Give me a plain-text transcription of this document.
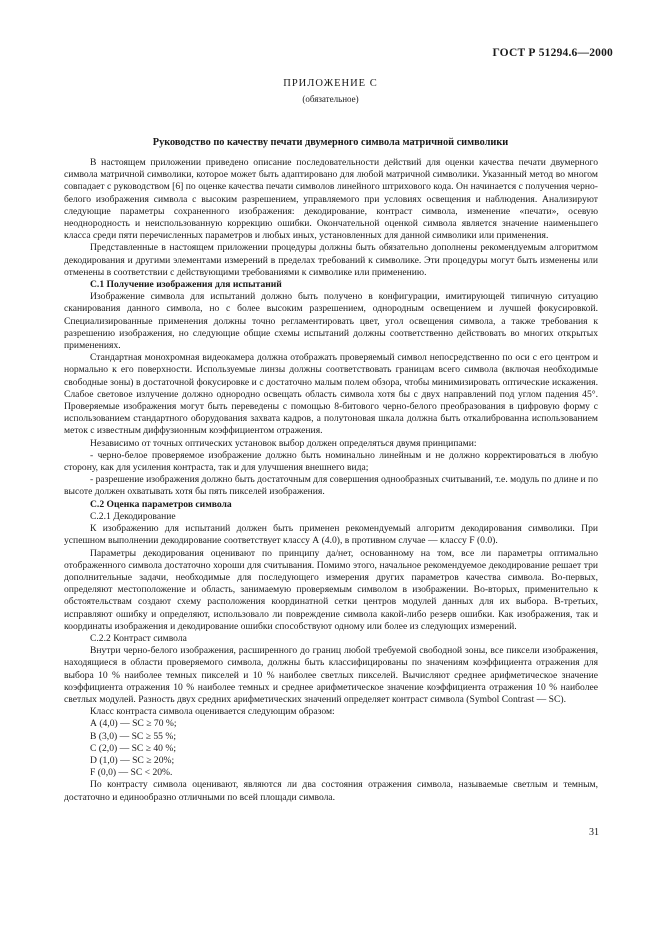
ГОСТ Р 51294.6—2000
ПРИЛОЖЕНИЕ С
(обязательное)
Руководство по качеству печати двумерного символа матричной символики

В настоящем приложении приведено описание последовательности действий для оценки качества печати двумерного символа матричной символики, которое может быть адаптировано для любой матричной символики. Указанный метод во многом совпадает с руководством [6] по оценке качества печати символов линейного штрихового кода. Он начинается с получения черно-белого изображения символа с высоким разрешением, управляемого при условиях освещения и наблюдения. Анализируют следующие параметры сохраненного изображения: декодирование, контраст символа, изменение «печати», осевую неоднородность и неиспользованную коррекцию ошибки. Окончательной оценкой символа является значение наименьшего класса среди пяти перечисленных параметров и любых иных, установленных для данной символики или применения.

Представленные в настоящем приложении процедуры должны быть обязательно дополнены рекомендуемым алгоритмом декодирования и другими элементами измерений в пределах требований к символике. Эти процедуры могут быть изменены или отменены в соответствии с действующими требованиями к символике или применению.

С.1 Получение изображения для испытаний

Изображение символа для испытаний должно быть получено в конфигурации, имитирующей типичную ситуацию сканирования данного символа, но с более высоким разрешением, однородным освещением и лучшей фокусировкой. Специализированные применения должны точно регламентировать цвет, угол освещения символа, а также требования к разрешению изображения, но следующие общие схемы испытаний должны соответственно действовать во многих открытых применениях.

Стандартная монохромная видеокамера должна отображать проверяемый символ непосредственно по оси с его центром и нормально к его поверхности. Используемые линзы должны соответствовать границам всего символа (включая необходимые свободные зоны) в достаточной фокусировке и с достаточно малым полем обзора, чтобы минимизировать оптические искажения. Слабое световое излучение должно однородно освещать область символа хотя бы с двух направлений под углом падения 45°. Проверяемые изображения могут быть переведены с помощью 8-битового черно-белого преобразования в цифровую форму с использованием стандартного оборудования захвата кадров, а полутоновая шкала должна быть откалиброванна использованием меток с известным диффузионным коэффициентом отражения.

Независимо от точных оптических установок выбор должен определяться двумя принципами:

- черно-белое проверяемое изображение должно быть номинально линейным и не должно корректироваться в любую сторону, как для усиления контраста, так и для улучшения внешнего вида;

- разрешение изображения должно быть достаточным для совершения однообразных считываний, т.е. модуль по длине и по высоте должен охватывать хотя бы пять пикселей изображения.

С.2 Оценка параметров символа

С.2.1 Декодирование

К изображению для испытаний должен быть применен рекомендуемый алгоритм декодирования символики. При успешном выполнении декодирование соответствует классу А (4.0), в противном случае — классу F (0.0).

Параметры декодирования оценивают по принципу да/нет, основанному на том, все ли параметры оптимально отображенного символа достаточно хороши для считывания. Помимо этого, начальное рекомендуемое декодирование решает три дополнительные задачи, необходимые для последующего измерения других параметров качества символа. Во-первых, определяют местоположение и область, занимаемую проверяемым символом в изображении. Во-вторых, применительно к обстоятельствам создают схему расположения координатной сетки центров модулей данных для их выбора. В-третьих, исправляют ошибку и определяют, использовало ли повреждение символа какой-либо резерв ошибки. Как изображения, так и координаты изображения и декодирование ошибки способствуют одному или более из следующих измерений.

С.2.2 Контраст символа

Внутри черно-белого изображения, расширенного до границ любой требуемой свободной зоны, все пиксели изображения, находящиеся в области проверяемого символа, должны быть классифицированы по значениям коэффициента отражения для выбора 10 % наиболее темных пикселей и 10 % наиболее светлых пикселей. Вычисляют среднее арифметическое значение коэффициента отражения 10 % наиболее темных и среднее арифметическое значение коэффициента отражения 10 % наиболее светлых модулей. Разность двух средних арифметических значений определяет контраст символа (Symbol Contrast — SC).

Класс контраста символа оценивается следующим образом:

А (4,0) — SC ≥ 70 %;

В (3,0) — SC ≥ 55 %;

С (2,0) — SC ≥ 40 %;

D (1,0) — SC ≥ 20%;

F (0,0) — SC < 20%.

По контрасту символа оценивают, являются ли два состояния отражения символа, называемые светлым и темным, достаточно и единообразно отличными по всей площади символа.

31
